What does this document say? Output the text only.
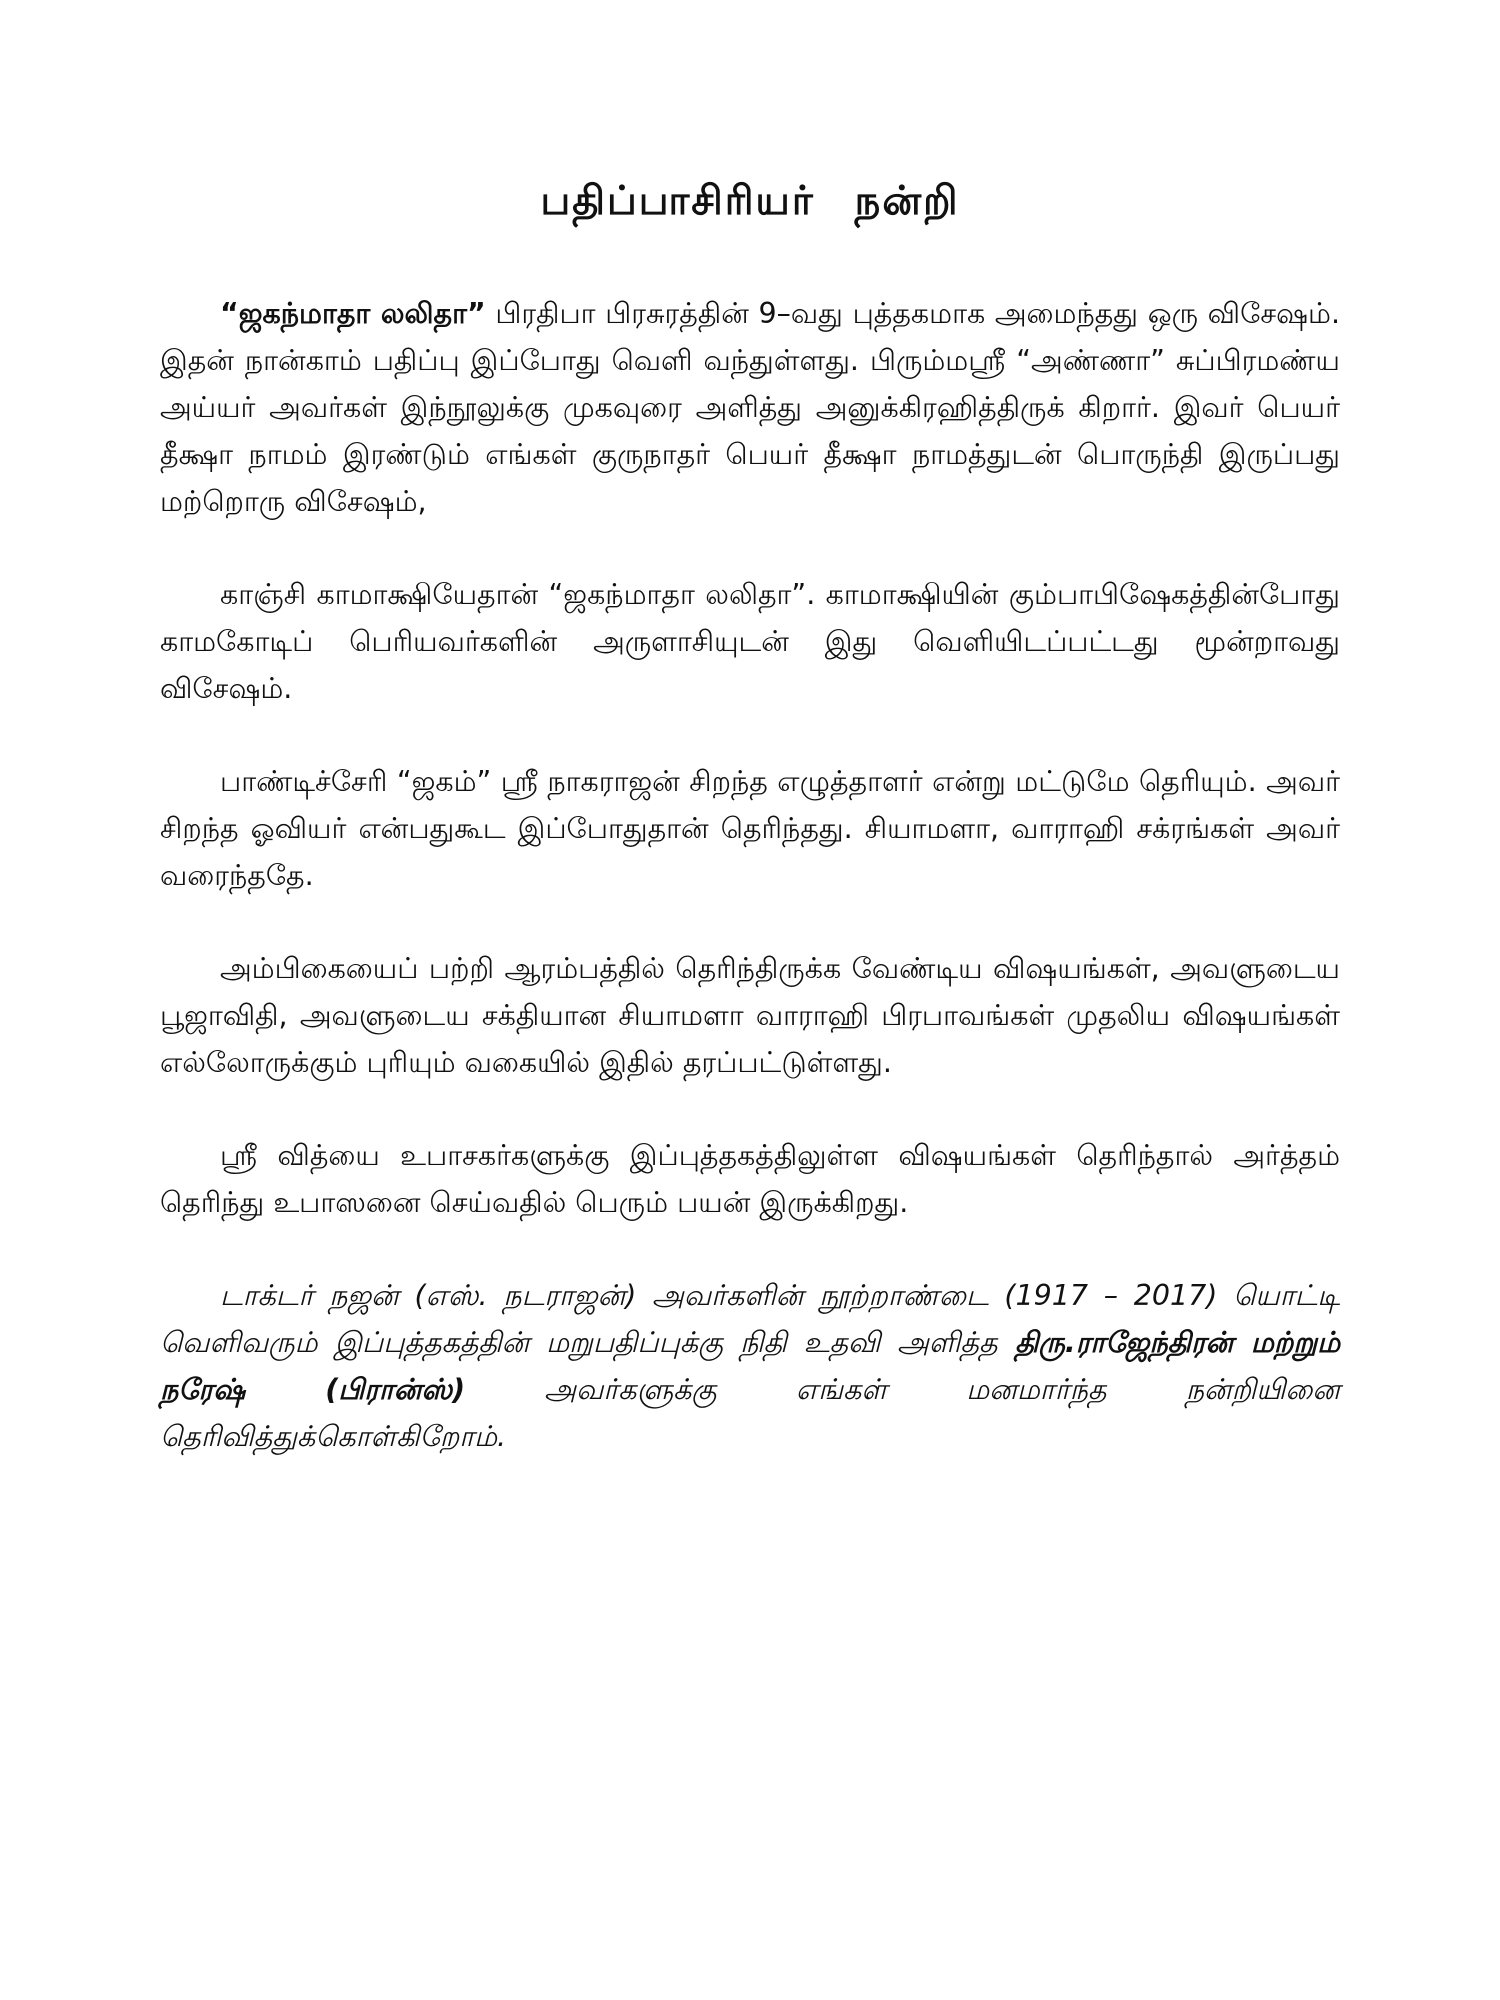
பதிப்பாசிரியர் நன்றி

“ஜகந்மாதா லலிதா” பிரதிபா பிரசுரத்தின் 9–வது புத்தகமாக அமைந்தது ஒரு விசேஷம். இதன் நான்காம் பதிப்பு இப்போது வெளி வந்துள்ளது. பிரும்மஸ்ரீ “அண்ணா” சுப்பிரமண்ய அய்யர் அவர்கள் இந்நூலுக்கு முகவுரை அளித்து அனுக்கிரஹித்திருக் கிறார். இவர் பெயர் தீக்ஷா நாமம் இரண்டும் எங்கள் குருநாதர் பெயர் தீக்ஷா நாமத்துடன் பொருந்தி இருப்பது மற்றொரு விசேஷம்,

காஞ்சி காமாக்ஷியேதான் “ஜகந்மாதா லலிதா”. காமாக்ஷியின் கும்பாபிஷேகத்தின்போது காமகோடிப் பெரியவர்களின் அருளாசியுடன் இது வெளியிடப்பட்டது மூன்றாவது விசேஷம்.

பாண்டிச்சேரி “ஜகம்” ஸ்ரீ நாகராஜன் சிறந்த எழுத்தாளர் என்று மட்டுமே தெரியும். அவர் சிறந்த ஓவியர் என்பதுகூட இப்போதுதான் தெரிந்தது. சியாமளா, வாராஹி சக்ரங்கள் அவர் வரைந்ததே.

அம்பிகையைப் பற்றி ஆரம்பத்தில் தெரிந்திருக்க வேண்டிய விஷயங்கள், அவளுடைய பூஜாவிதி, அவளுடைய சக்தியான சியாமளா வாராஹி பிரபாவங்கள் முதலிய விஷயங்கள் எல்லோருக்கும் புரியும் வகையில் இதில் தரப்பட்டுள்ளது.

ஸ்ரீ வித்யை உபாசகர்களுக்கு இப்புத்தகத்திலுள்ள விஷயங்கள் தெரிந்தால் அர்த்தம் தெரிந்து உபாஸனை செய்வதில் பெரும் பயன் இருக்கிறது.

டாக்டர் நஜன் (எஸ். நடராஜன்) அவர்களின் நூற்றாண்டை (1917 – 2017) யொட்டி வெளிவரும் இப்புத்தகத்தின் மறுபதிப்புக்கு நிதி உதவி அளித்த திரு.ராஜேந்திரன் மற்றும் நரேஷ் (பிரான்ஸ்) அவர்களுக்கு எங்கள் மனமார்ந்த நன்றியினை தெரிவித்துக்கொள்கிறோம்.
